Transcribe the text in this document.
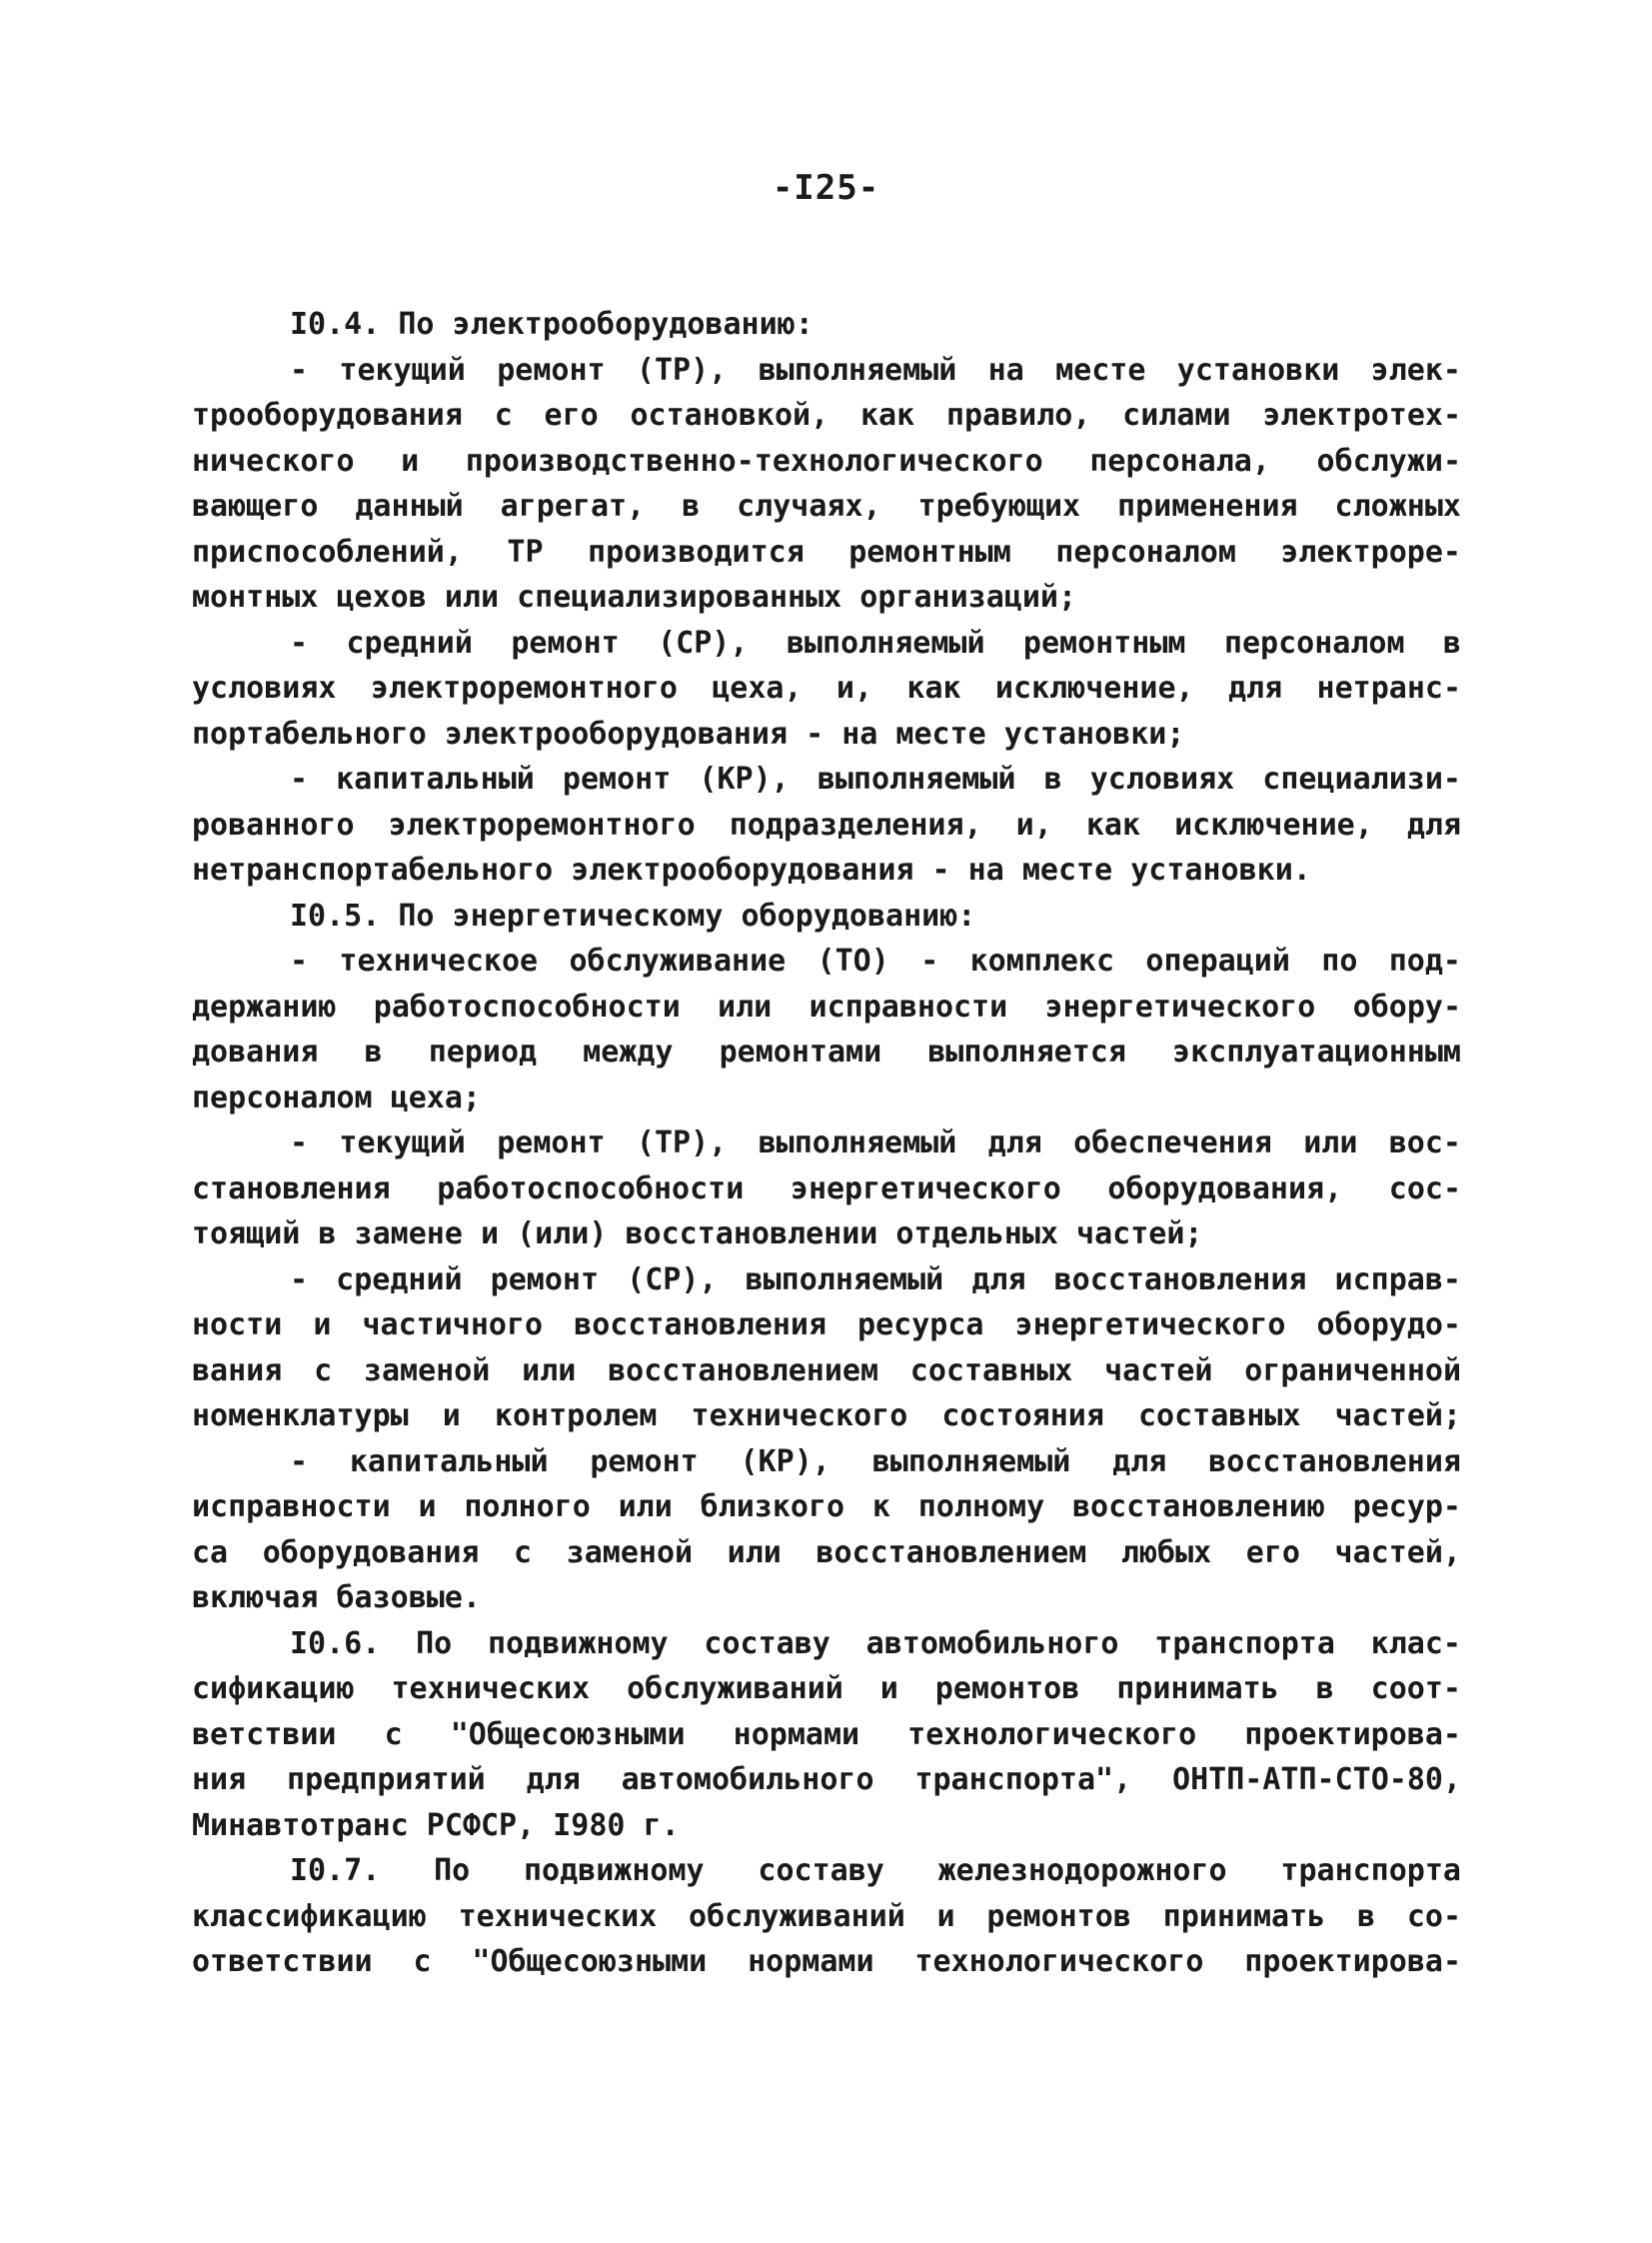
-I25-
I0.4. По электрооборудованию:
- текущий ремонт (ТР), выполняемый на месте установки элек-
трооборудования с его остановкой, как правило, силами электротех-
нического и производственно-технологического персонала, обслужи-
вающего данный агрегат, в случаях, требующих применения сложных
приспособлений, ТР производится ремонтным персоналом электроре-
монтных цехов или специализированных организаций;
- средний ремонт (СР), выполняемый ремонтным персоналом в
условиях электроремонтного цеха, и, как исключение, для нетранс-
портабельного электрооборудования - на месте установки;
- капитальный ремонт (КР), выполняемый в условиях специализи-
рованного электроремонтного подразделения, и, как исключение, для
нетранспортабельного электрооборудования - на месте установки.
I0.5. По энергетическому оборудованию:
- техническое обслуживание (ТО) - комплекс операций по под-
держанию работоспособности или исправности энергетического обору-
дования в период между ремонтами выполняется эксплуатационным
персоналом цеха;
- текущий ремонт (ТР), выполняемый для обеспечения или вос-
становления работоспособности энергетического оборудования, сос-
тоящий в замене и (или) восстановлении отдельных частей;
- средний ремонт (СР), выполняемый для восстановления исправ-
ности и частичного восстановления ресурса энергетического оборудо-
вания с заменой или восстановлением составных частей ограниченной
номенклатуры и контролем технического состояния составных частей;
- капитальный ремонт (КР), выполняемый для восстановления
исправности и полного или близкого к полному восстановлению ресур-
са оборудования с заменой или восстановлением любых его частей,
включая базовые.
I0.6. По подвижному составу автомобильного транспорта клас-
сификацию технических обслуживаний и ремонтов принимать в соот-
ветствии с "Общесоюзными нормами технологического проектирова-
ния предприятий для автомобильного транспорта", ОНТП-АТП-СТО-80,
Минавтотранс РСФСР, I980 г.
I0.7. По подвижному составу железнодорожного транспорта
классификацию технических обслуживаний и ремонтов принимать в со-
ответствии с "Общесоюзными нормами технологического проектирова-
